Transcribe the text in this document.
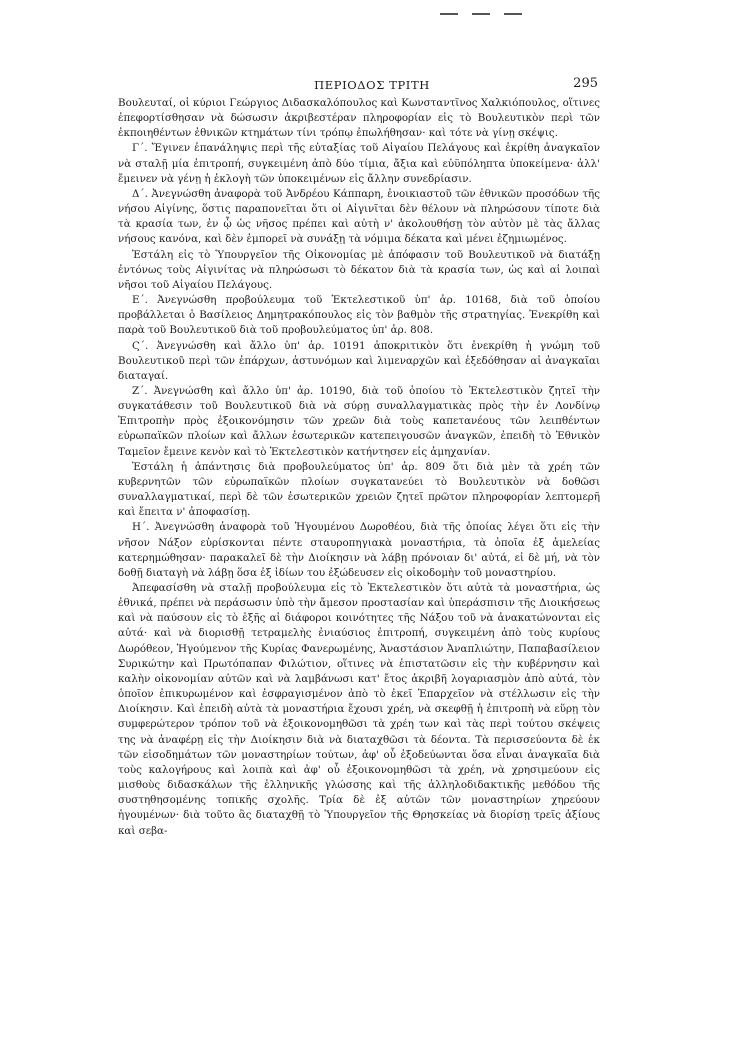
ΠΕΡΙΟΔΟΣ ΤΡΙΤΗ	295

Βουλευταί, οἱ κύριοι Γεώργιος Διδασκαλόπουλος καὶ Κωνσταντῖνος Χαλκιόπουλος, οἵτινες ἐπεφορτίσθησαν νὰ δώσωσιν ἀκριβεστέραν πληροφορίαν εἰς τὸ Βουλευτικὸν περὶ τῶν ἐκποιηθέντων ἐθνικῶν κτημάτων τίνι τρόπῳ ἐπωλήθησαν· καὶ τότε νὰ γίνῃ σκέψις.

Γ΄. Ἔγινεν ἐπανάληψις περὶ τῆς εὐταξίας τοῦ Αἰγαίου Πελάγους καὶ ἐκρίθη ἀναγκαῖον νὰ σταλῇ μία ἐπιτροπή, συγκειμένη ἀπὸ δύο τίμια, ἄξια καὶ εὐϋπόληπτα ὑποκείμενα· ἀλλ' ἔμεινεν νὰ γένῃ ἡ ἐκλογὴ τῶν ὑποκειμένων εἰς ἄλλην συνεδρίασιν.

Δ΄. Ἀνεγνώσθη ἀναφορὰ τοῦ Ἀνδρέου Κάππαρη, ἐνοικιαστοῦ τῶν ἐθνικῶν προσόδων τῆς νήσου Αἰγίνης, ὅστις παραπονεῖται ὅτι οἱ Αἰγινῖται δὲν θέλουν νὰ πληρώσουν τίποτε διὰ τὰ κρασία των, ἐν ᾧ ὡς νῆσος πρέπει καὶ αὐτὴ ν' ἀκολουθήσῃ τὸν αὐτὸν μὲ τὰς ἄλλας νήσους κανόνα, καὶ δὲν ἐμπορεῖ νὰ συνάξῃ τὰ νόμιμα δέκατα καὶ μένει ἐζημιωμένος.

Ἐστάλη εἰς τὸ Ὑπουργεῖον τῆς Οἰκονομίας μὲ ἀπόφασιν τοῦ Βουλευτικοῦ νὰ διατάξῃ ἐντόνως τοὺς Αἰγινίτας νὰ πληρώσωσι τὸ δέκατον διὰ τὰ κρασία των, ὡς καὶ αἱ λοιπαὶ νῆσοι τοῦ Αἰγαίου Πελάγους.

Ε΄. Ἀνεγνώσθη προβούλευμα τοῦ Ἐκτελεστικοῦ ὑπ' ἀρ. 10168, διὰ τοῦ ὁποίου προβάλλεται ὁ Βασίλειος Δημητρακόπουλος εἰς τὸν βαθμὸν τῆς στρατηγίας. Ἐνεκρίθη καὶ παρὰ τοῦ Βουλευτικοῦ διὰ τοῦ προβουλεύματος ὑπ' ἀρ. 808.

Ϛ΄. Ἀνεγνώσθη καὶ ἄλλο ὑπ' ἀρ. 10191 ἀποκριτικὸν ὅτι ἐνεκρίθη ἡ γνώμη τοῦ Βουλευτικοῦ περὶ τῶν ἐπάρχων, ἀστυνόμων καὶ λιμεναρχῶν καὶ ἐξεδόθησαν αἱ ἀναγκαῖαι διαταγαί.

Ζ΄. Ἀνεγνώσθη καὶ ἄλλο ὑπ' ἀρ. 10190, διὰ τοῦ ὁποίου τὸ Ἐκτελεστικὸν ζητεῖ τὴν συγκατάθεσιν τοῦ Βουλευτικοῦ διὰ νὰ σύρῃ συναλλαγματικὰς πρὸς τὴν ἐν Λονδίνῳ Ἐπιτροπὴν πρὸς ἐξοικονόμησιν τῶν χρεῶν διὰ τοὺς καπετανέους τῶν λειπθέντων εὐρωπαϊκῶν πλοίων καὶ ἄλλων ἐσωτερικῶν κατεπειγουσῶν ἀναγκῶν, ἐπειδὴ τὸ Ἐθνικὸν Ταμεῖον ἔμεινε κενὸν καὶ τὸ Ἐκτελεστικὸν κατήντησεν εἰς ἀμηχανίαν.

Ἐστάλη ἡ ἀπάντησις διὰ προβουλεύματος ὑπ' ἀρ. 809 ὅτι διὰ μὲν τὰ χρέη τῶν κυβερνητῶν τῶν εὐρωπαϊκῶν πλοίων συγκατανεύει τὸ Βουλευτικὸν νὰ δοθῶσι συναλλαγματικαί, περὶ δὲ τῶν ἐσωτερικῶν χρειῶν ζητεῖ πρῶτον πληροφορίαν λεπτομερῆ καὶ ἔπειτα ν' ἀποφασίσῃ.

Η΄. Ἀνεγνώσθη ἀναφορὰ τοῦ Ἡγουμένου Δωροθέου, διὰ τῆς ὁποίας λέγει ὅτι εἰς τὴν νῆσον Νάξον εὑρίσκονται πέντε σταυροπηγιακὰ μοναστήρια, τὰ ὁποῖα ἐξ ἀμελείας κατερημώθησαν· παρακαλεῖ δὲ τὴν Διοίκησιν νὰ λάβῃ πρόνοιαν δι' αὐτά, εἰ δὲ μή, νὰ τὸν δοθῇ διαταγὴ νὰ λάβῃ ὅσα ἐξ ἰδίων του ἐξώδευσεν εἰς οἰκοδομὴν τοῦ μοναστηρίου.

Ἀπεφασίσθη νὰ σταλῇ προβούλευμα εἰς τὸ Ἐκτελεστικὸν ὅτι αὐτὰ τὰ μοναστήρια, ὡς ἐθνικά, πρέπει νὰ περάσωσιν ὑπὸ τὴν ἄμεσον προστασίαν καὶ ὑπεράσπισιν τῆς Διοικήσεως καὶ νὰ παύσουν εἰς τὸ ἑξῆς αἱ διάφοροι κοινότητες τῆς Νάξου τοῦ νὰ ἀνακατώνονται εἰς αὐτά· καὶ νὰ διορισθῇ τετραμελὴς ἐνιαύσιος ἐπιτροπή, συγκειμένη ἀπὸ τοὺς κυρίους Δωρόθεον, Ἡγούμενον τῆς Κυρίας Φανερωμένης, Ἀναστάσιον Ἀναπλιώτην, Παπαβασίλειον Συρικώτην καὶ Πρωτόπαπαν Φιλώτιον, οἵτινες νὰ ἐπιστατῶσιν εἰς τὴν κυβέρνησιν καὶ καλὴν οἰκονομίαν αὐτῶν καὶ νὰ λαμβάνωσι κατ' ἔτος ἀκριβῆ λογαριασμὸν ἀπὸ αὐτά, τὸν ὁποῖον ἐπικυρωμένον καὶ ἐσφραγισμένον ἀπὸ τὸ ἐκεῖ Ἐπαρχεῖον νὰ στέλλωσιν εἰς τὴν Διοίκησιν. Καὶ ἐπειδὴ αὐτὰ τὰ μοναστήρια ἔχουσι χρέη, νὰ σκεφθῇ ἡ ἐπιτροπὴ νὰ εὕρῃ τὸν συμφερώτερον τρόπον τοῦ νὰ ἐξοικονομηθῶσι τὰ χρέη των καὶ τὰς περὶ τούτου σκέψεις της νὰ ἀναφέρῃ εἰς τὴν Διοίκησιν διὰ νὰ διαταχθῶσι τὰ δέοντα. Τὰ περισσεύοντα δὲ ἐκ τῶν εἰσοδημάτων τῶν μοναστηρίων τούτων, ἀφ' οὗ ἐξοδεύωνται ὅσα εἶναι ἀναγκαῖα διὰ τοὺς καλογήρους καὶ λοιπὰ καὶ ἀφ' οὗ ἐξοικονομηθῶσι τὰ χρέη, νὰ χρησιμεύουν εἰς μισθοὺς διδασκάλων τῆς ἑλληνικῆς γλώσσης καὶ τῆς ἀλληλοδιδακτικῆς μεθόδου τῆς συστηθησομένης τοπικῆς σχολῆς. Τρία δὲ ἐξ αὐτῶν τῶν μοναστηρίων χηρεύουν ἡγουμένων· διὰ τοῦτο ἂς διαταχθῇ τὸ Ὑπουργεῖον τῆς Θρησκείας νὰ διορίσῃ τρεῖς ἀξίους καὶ σεβα-
